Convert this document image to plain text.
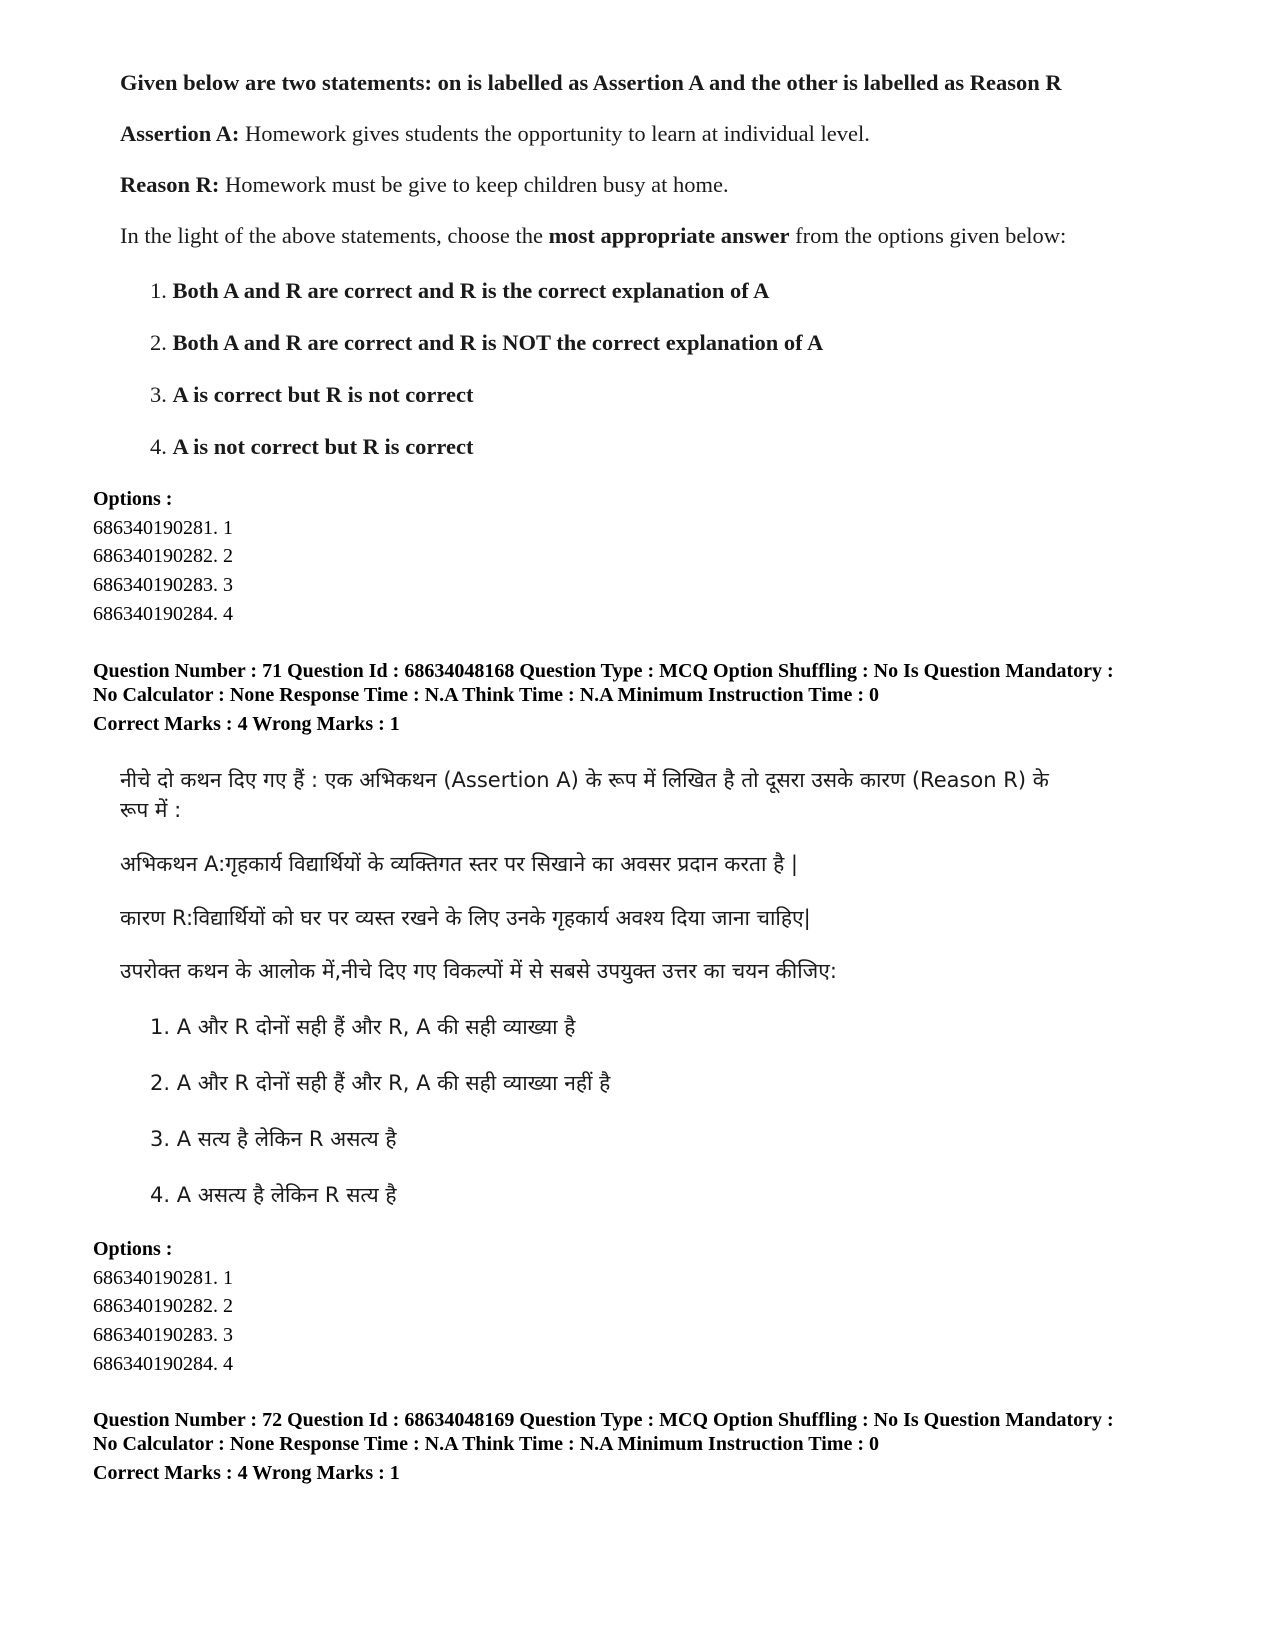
Given below are two statements: on is labelled as Assertion A and the other is labelled as Reason R

Assertion A: Homework gives students the opportunity to learn at individual level.

Reason R: Homework must be give to keep children busy at home.

In the light of the above statements, choose the most appropriate answer from the options given below:

1. Both A and R are correct and R is the correct explanation of A
2. Both A and R are correct and R is NOT the correct explanation of A
3. A is correct but R is not correct
4. A is not correct but R is correct
Options :
686340190281. 1
686340190282. 2
686340190283. 3
686340190284. 4
Question Number : 71 Question Id : 68634048168 Question Type : MCQ Option Shuffling : No Is Question Mandatory :
No Calculator : None Response Time : N.A Think Time : N.A Minimum Instruction Time : 0
Correct Marks : 4 Wrong Marks : 1

नीचे दो कथन दिए गए हैं : एक अभिकथन (Assertion A) के रूप में लिखित है तो दूसरा उसके कारण (Reason R) के

रूप में :

अभिकथन A:गृहकार्य विद्यार्थियों के व्यक्तिगत स्तर पर सिखाने का अवसर प्रदान करता है |

कारण R:विद्यार्थियों को घर पर व्यस्त रखने के लिए उनके गृहकार्य अवश्य दिया जाना चाहिए|

उपरोक्त कथन के आलोक में,नीचे दिए गए विकल्पों में से सबसे उपयुक्त उत्तर का चयन कीजिए:

1. A और R दोनों सही हैं और R, A की सही व्याख्या है
2. A और R दोनों सही हैं और R, A की सही व्याख्या नहीं है
3. A सत्य है लेकिन R असत्य है
4. A असत्य है लेकिन R सत्य है
Options :
686340190281. 1
686340190282. 2
686340190283. 3
686340190284. 4
Question Number : 72 Question Id : 68634048169 Question Type : MCQ Option Shuffling : No Is Question Mandatory :
No Calculator : None Response Time : N.A Think Time : N.A Minimum Instruction Time : 0
Correct Marks : 4 Wrong Marks : 1
